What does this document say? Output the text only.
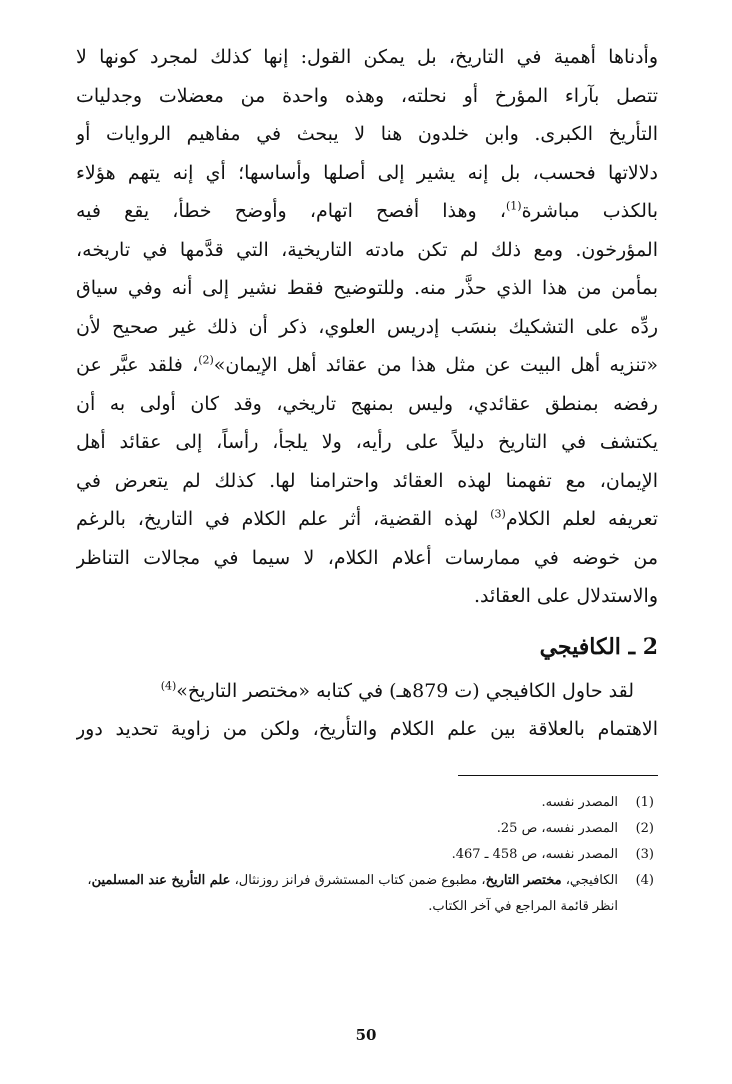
وأدناها أهمية في التاريخ، بل يمكن القول: إنها كذلك لمجرد كونها لا
تتصل بآراء المؤرخ أو نحلته، وهذه واحدة من معضلات وجدليات
التأريخ الكبرى. وابن خلدون هنا لا يبحث في مفاهيم الروايات أو
دلالاتها فحسب، بل إنه يشير إلى أصلها وأساسها؛ أي إنه يتهم هؤلاء
بالكذب مباشرة$^{(1)}$، وهذا أفصح اتهام، وأوضح خطأ، يقع فيه
المؤرخون. ومع ذلك لم تكن مادته التاريخية، التي قدَّمها في تاريخه،
بمأمن من هذا الذي حذَّر منه. وللتوضيح فقط نشير إلى أنه وفي سياق
ردِّه على التشكيك بنسَب إدريس العلوي، ذكر أن ذلك غير صحيح لأن
«تنزيه أهل البيت عن مثل هذا من عقائد أهل الإيمان»$^{(2)}$، فلقد عبَّر عن
رفضه بمنطق عقائدي، وليس بمنهج تاريخي، وقد كان أولى به أن
يكتشف في التاريخ دليلاً على رأيه، ولا يلجأ، رأساً، إلى عقائد أهل
الإيمان، مع تفهمنا لهذه العقائد واحترامنا لها. كذلك لم يتعرض في
تعريفه لعلم الكلام$^{(3)}$ لهذه القضية، أثر علم الكلام في التاريخ، بالرغم
من خوضه في ممارسات أعلام الكلام، لا سيما في مجالات التناظر
والاستدلال على العقائد.
2 ـ الكافيجي
لقد حاول الكافيجي (ت 879هـ) في كتابه «مختصر التاريخ»$^{(4)}$
الاهتمام بالعلاقة بين علم الكلام والتأريخ، ولكن من زاوية تحديد دور
(1)
المصدر نفسه.
(2)
المصدر نفسه، ص 25.
(3)
المصدر نفسه، ص 458 ـ 467.
(4)
الكافيجي، مختصر التاريخ، مطبوع ضمن كتاب المستشرق فرانز روزنثال، علم التأريخ عند المسلمين، انظر قائمة المراجع في آخر الكتاب.
50
